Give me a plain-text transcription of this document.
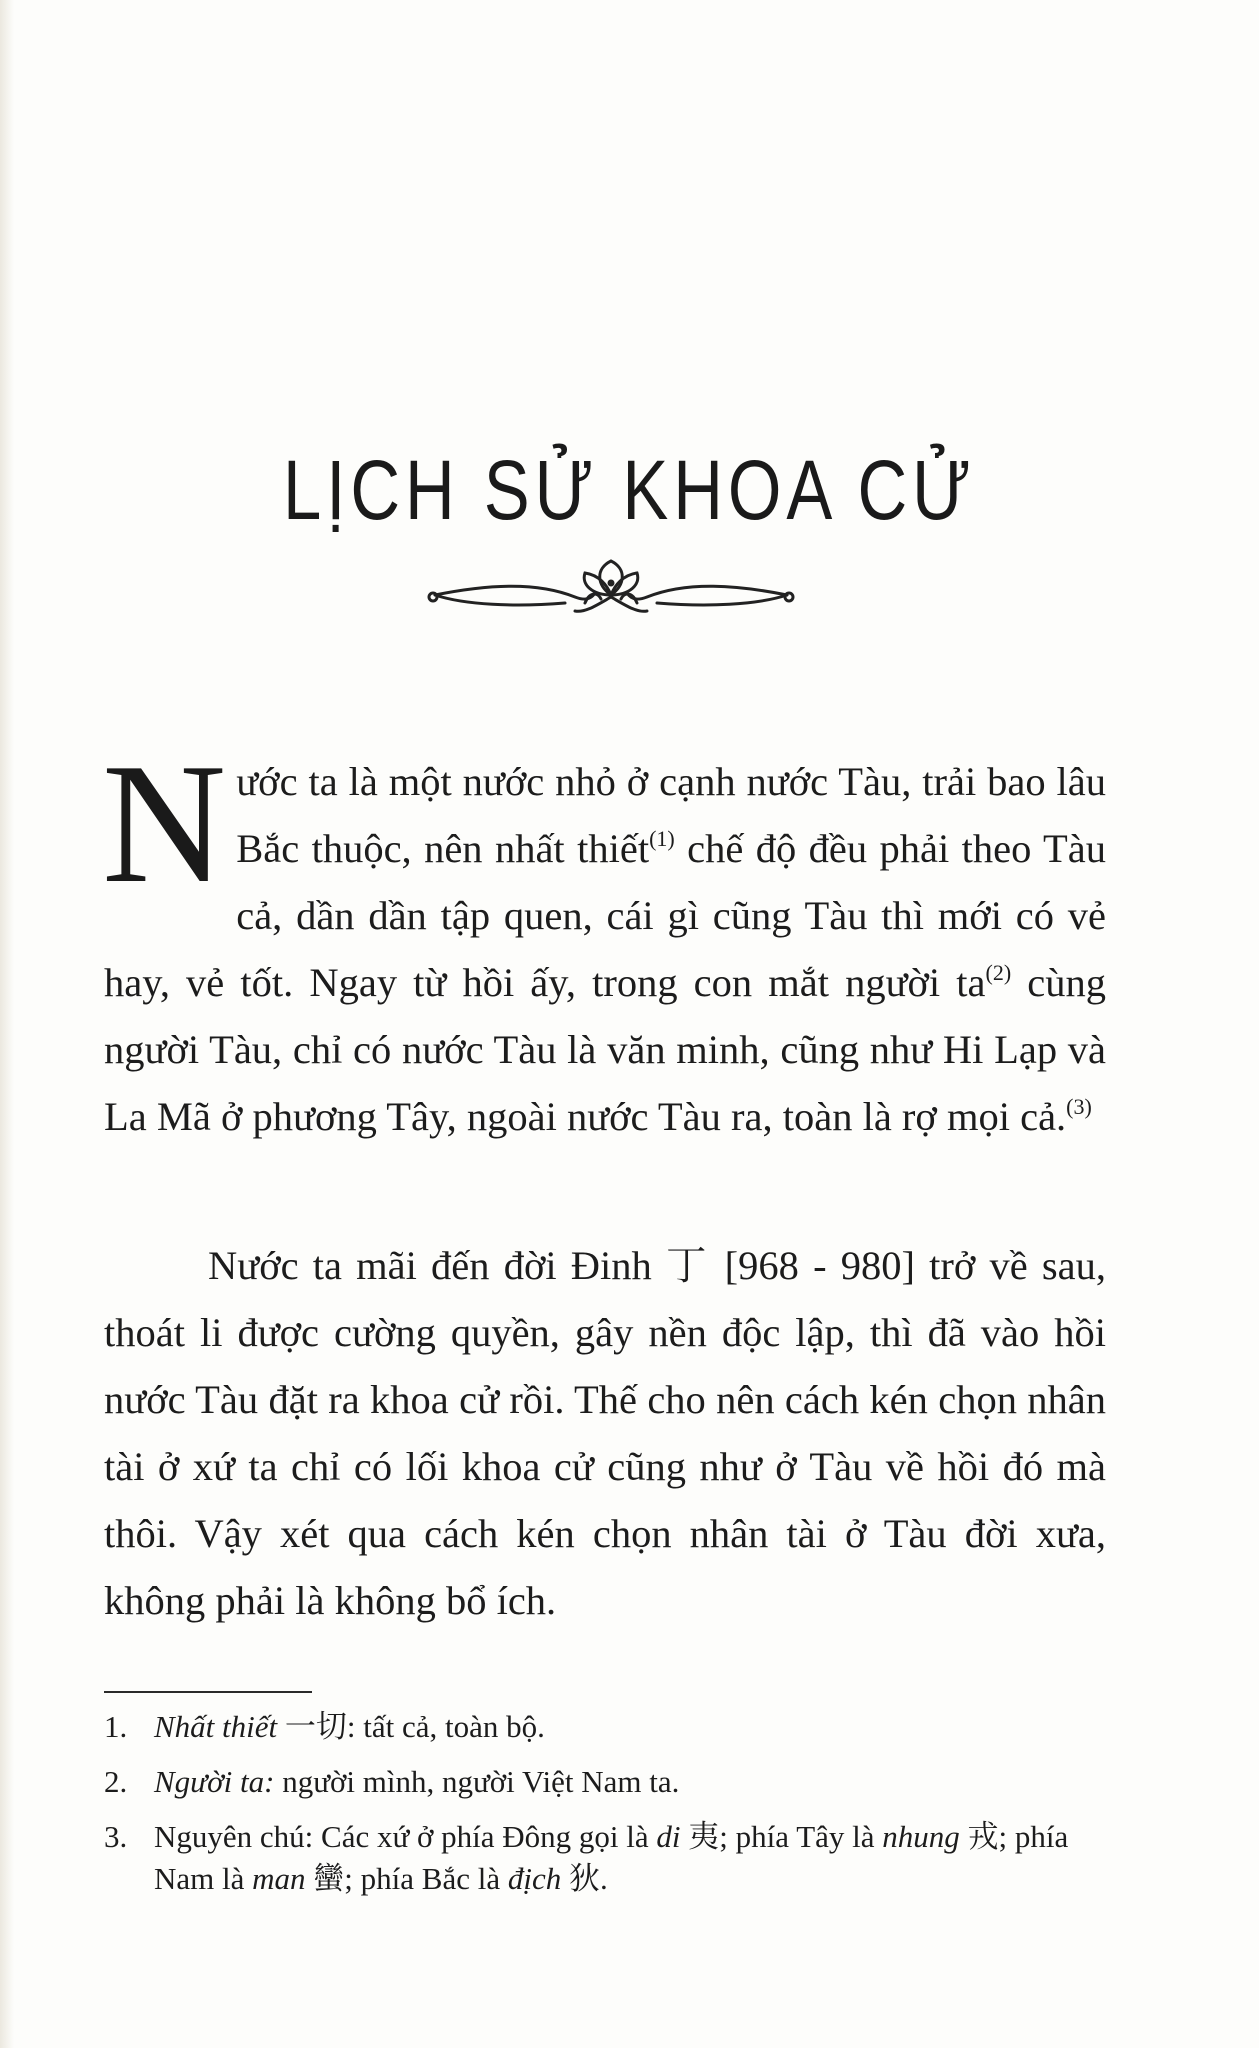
LỊCH SỬ KHOA CỬ

Nước ta là một nước nhỏ ở cạnh nước Tàu, trải bao lâu Bắc thuộc, nên nhất thiết$^{(1)}$ chế độ đều phải theo Tàu cả, dần dần tập quen, cái gì cũng Tàu thì mới có vẻ hay, vẻ tốt. Ngay từ hồi ấy, trong con mắt người $ta^{(2)}$ cùng người Tàu, chỉ có nước Tàu là văn minh, cũng như Hi Lạp và La Mã ở phương Tây, ngoài nước Tàu ra, toàn là rợ mọi cả.$^{(3)}$

Nước ta mãi đến đời Đinh 丁 [968 - 980] trở về sau, thoát li được cường quyền, gây nền độc lập, thì đã vào hồi nước Tàu đặt ra khoa cử rồi. Thế cho nên cách kén chọn nhân tài ở xứ ta chỉ có lối khoa cử cũng như ở Tàu về hồi đó mà thôi. Vậy xét qua cách kén chọn nhân tài ở Tàu đời xưa, không phải là không bổ ích.

1. Nhất thiết 一切: tất cả, toàn bộ.
2. Người ta: người mình, người Việt Nam ta.
3. Nguyên chú: Các xứ ở phía Đông gọi là di 夷; phía Tây là nhung 戎; phía Nam là man 蠻; phía Bắc là địch 狄.
